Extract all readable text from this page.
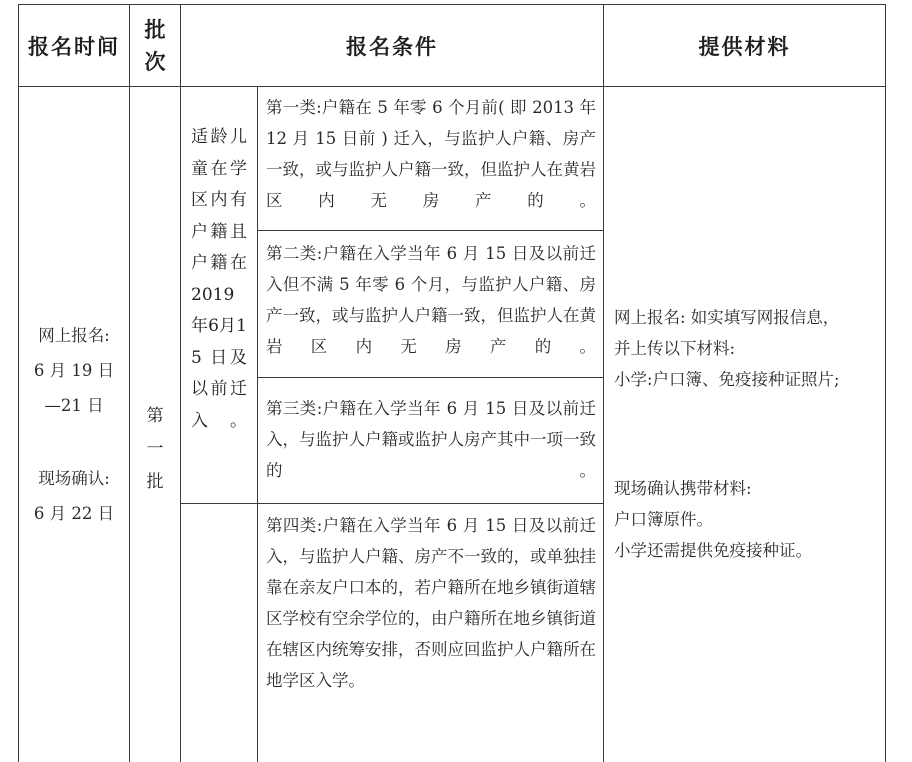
报名时间
批次
报名条件	提供材料
网上报名:
6 月 19 日
—21 日
现场确认:
6 月 22 日
第一批
适龄儿童在学区内有户籍且户籍在2019年6月15 日及以前迁入。

第一类:户籍在 5 年零 6 个月前( 即 2013 年 12 月 15 日前 ) 迁入，与监护人户籍、房产一致，或与监护人户籍一致，但监护人在黄岩区内无房产的。

第二类:户籍在入学当年 6 月 15 日及以前迁入但不满 5 年零 6 个月，与监护人户籍、房产一致，或与监护人户籍一致，但监护人在黄岩区内无房产的。

第三类:户籍在入学当年 6 月 15 日及以前迁入，与监护人户籍或监护人房产其中一项一致的。

第四类:户籍在入学当年 6 月 15 日及以前迁入，与监护人户籍、房产不一致的，或单独挂靠在亲友户口本的，若户籍所在地乡镇街道辖区学校有空余学位的，由户籍所在地乡镇街道在辖区内统筹安排，否则应回监护人户籍所在地学区入学。

网上报名: 如实填写网报信息，
并上传以下材料:
小学:户口簿、免疫接种证照片;
现场确认携带材料:
户口簿原件。
小学还需提供免疫接种证。
